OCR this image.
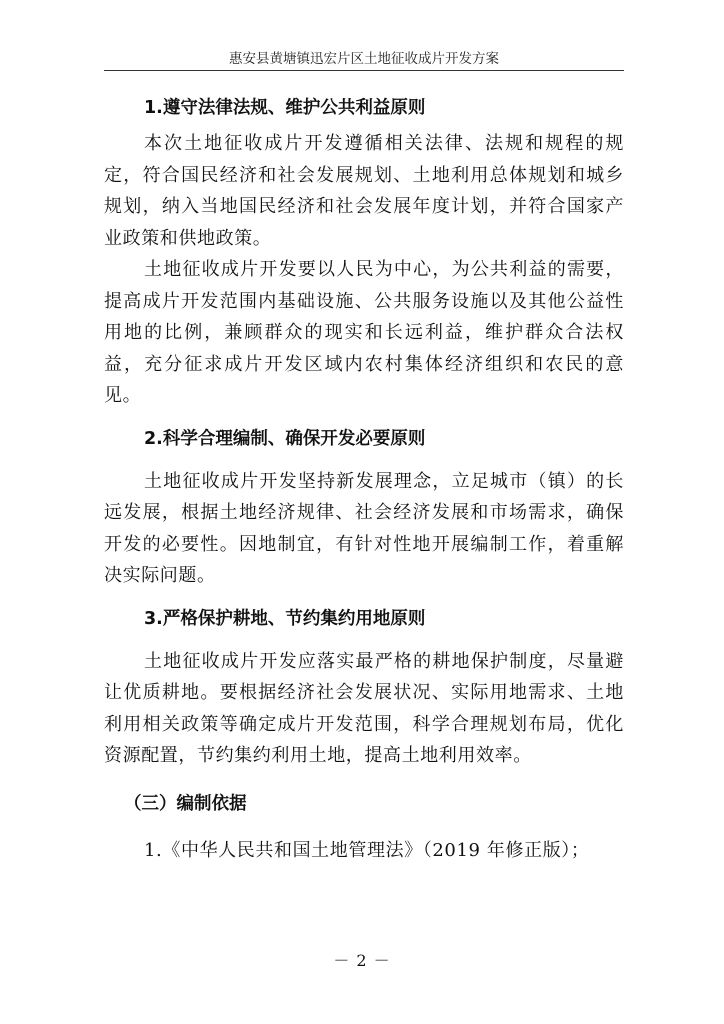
惠安县黄塘镇迅宏片区土地征收成片开发方案
1.遵守法律法规、维护公共利益原则

本次土地征收成片开发遵循相关法律、法规和规程的规定，符合国民经济和社会发展规划、土地利用总体规划和城乡规划，纳入当地国民经济和社会发展年度计划，并符合国家产业政策和供地政策。

土地征收成片开发要以人民为中心，为公共利益的需要，提高成片开发范围内基础设施、公共服务设施以及其他公益性用地的比例，兼顾群众的现实和长远利益，维护群众合法权益，充分征求成片开发区域内农村集体经济组织和农民的意见。

2.科学合理编制、确保开发必要原则

土地征收成片开发坚持新发展理念，立足城市（镇）的长远发展，根据土地经济规律、社会经济发展和市场需求，确保开发的必要性。因地制宜，有针对性地开展编制工作，着重解决实际问题。

3.严格保护耕地、节约集约用地原则

土地征收成片开发应落实最严格的耕地保护制度，尽量避让优质耕地。要根据经济社会发展状况、实际用地需求、土地利用相关政策等确定成片开发范围，科学合理规划布局，优化资源配置，节约集约利用土地，提高土地利用效率。

（三）编制依据

1.《中华人民共和国土地管理法》（2019 年修正版）；

－ 2 －
